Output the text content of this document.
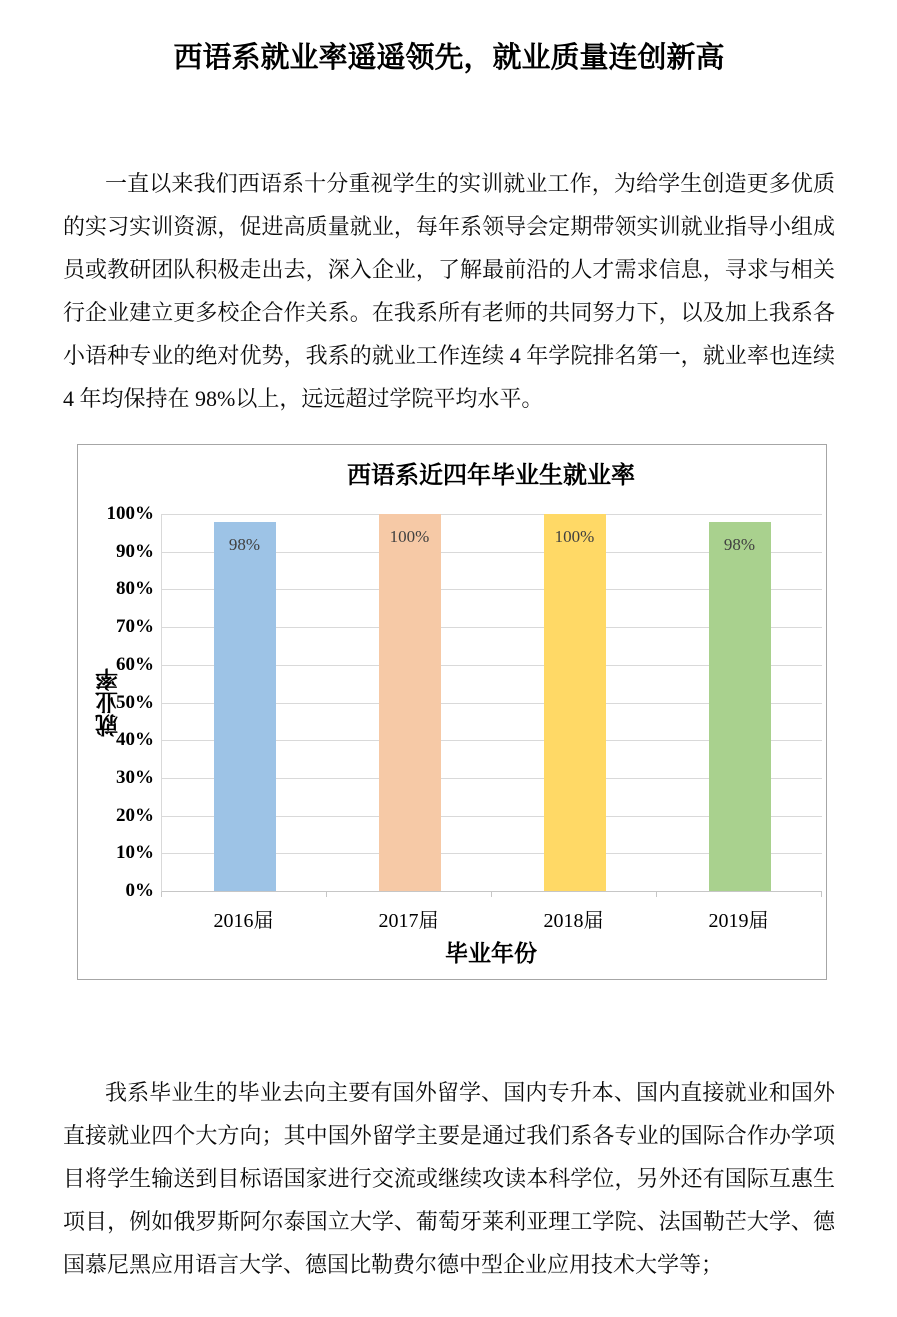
西语系就业率遥遥领先，就业质量连创新高

一直以来我们西语系十分重视学生的实训就业工作，为给学生创造更多优质的实习实训资源，促进高质量就业，每年系领导会定期带领实训就业指导小组成员或教研团队积极走出去，深入企业，了解最前沿的人才需求信息，寻求与相关行企业建立更多校企合作关系。在我系所有老师的共同努力下，以及加上我系各小语种专业的绝对优势，我系的就业工作连续 4 年学院排名第一，就业率也连续 4 年均保持在 98%以上，远远超过学院平均水平。

西语系近四年毕业生就业率
就业率
98%	100%	100%	98%
0%
10%
20%
30%
40%
50%
60%
70%
80%
90%
100%
2016届	2017届	2018届	2019届
毕业年份

我系毕业生的毕业去向主要有国外留学、国内专升本、国内直接就业和国外直接就业四个大方向；其中国外留学主要是通过我们系各专业的国际合作办学项目将学生输送到目标语国家进行交流或继续攻读本科学位，另外还有国际互惠生项目，例如俄罗斯阿尔泰国立大学、葡萄牙莱利亚理工学院、法国勒芒大学、德国慕尼黑应用语言大学、德国比勒费尔德中型企业应用技术大学等；
